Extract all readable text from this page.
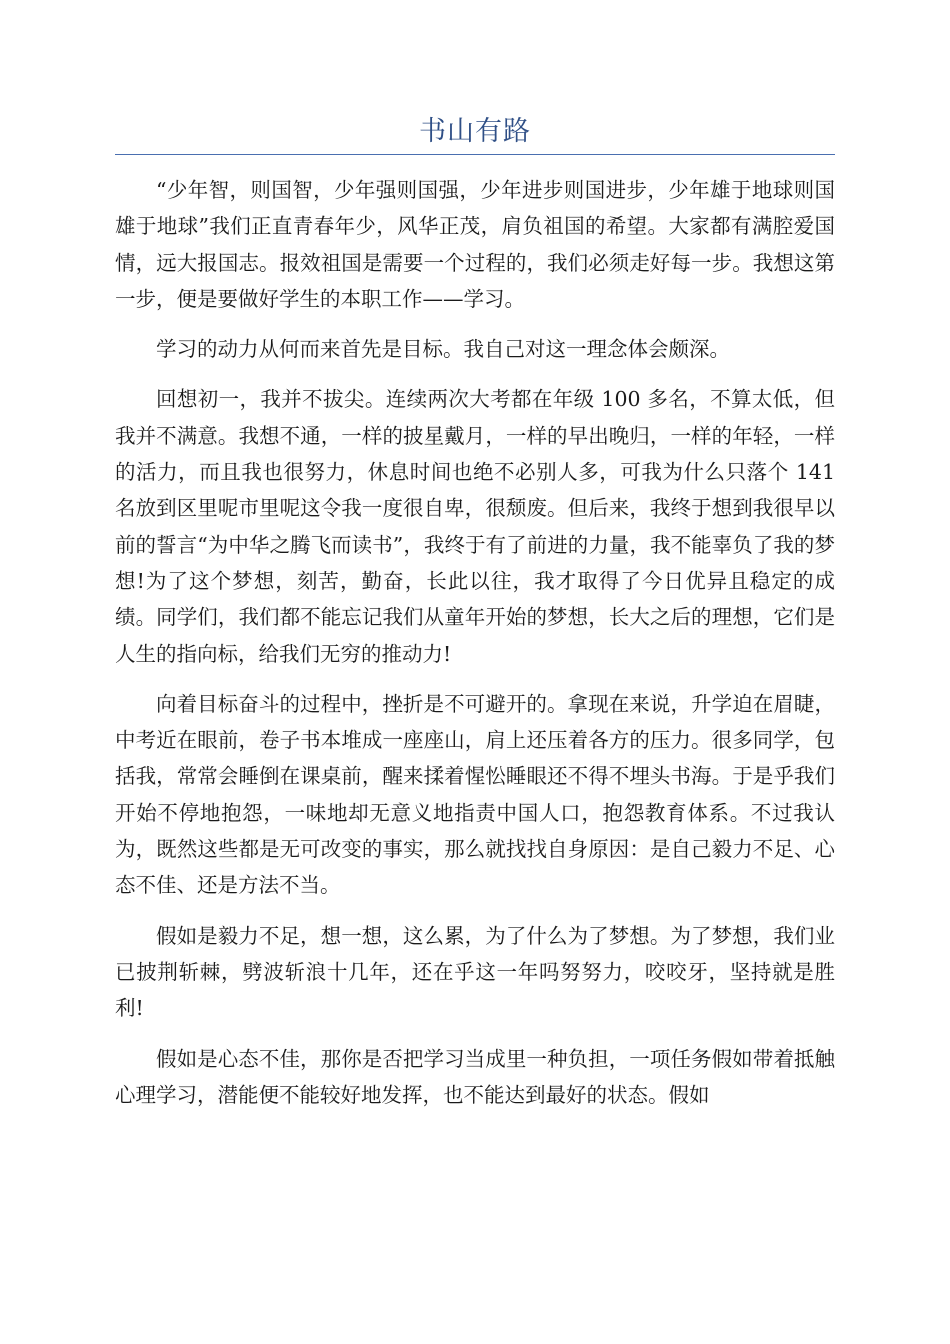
书山有路

“少年智，则国智，少年强则国强，少年进步则国进步，少年雄于地球则国雄于地球”我们正直青春年少，风华正茂，肩负祖国的希望。大家都有满腔爱国情，远大报国志。报效祖国是需要一个过程的，我们必须走好每一步。我想这第一步，便是要做好学生的本职工作——学习。

学习的动力从何而来首先是目标。我自己对这一理念体会颇深。

回想初一，我并不拔尖。连续两次大考都在年级 100 多名，不算太低，但我并不满意。我想不通，一样的披星戴月，一样的早出晚归，一样的年轻，一样的活力，而且我也很努力，休息时间也绝不必别人多，可我为什么只落个 141 名放到区里呢市里呢这令我一度很自卑，很颓废。但后来，我终于想到我很早以前的誓言“为中华之腾飞而读书”，我终于有了前进的力量，我不能辜负了我的梦想!为了这个梦想，刻苦，勤奋，长此以往，我才取得了今日优异且稳定的成绩。同学们，我们都不能忘记我们从童年开始的梦想，长大之后的理想，它们是人生的指向标，给我们无穷的推动力!

向着目标奋斗的过程中，挫折是不可避开的。拿现在来说，升学迫在眉睫，中考近在眼前，卷子书本堆成一座座山，肩上还压着各方的压力。很多同学，包括我，常常会睡倒在课桌前，醒来揉着惺忪睡眼还不得不埋头书海。于是乎我们开始不停地抱怨，一味地却无意义地指责中国人口，抱怨教育体系。不过我认为，既然这些都是无可改变的事实，那么就找找自身原因：是自己毅力不足、心态不佳、还是方法不当。

假如是毅力不足，想一想，这么累，为了什么为了梦想。为了梦想，我们业已披荆斩棘，劈波斩浪十几年，还在乎这一年吗努努力，咬咬牙，坚持就是胜利!

假如是心态不佳，那你是否把学习当成里一种负担，一项任务假如带着抵触心理学习，潜能便不能较好地发挥，也不能达到最好的状态。假如
